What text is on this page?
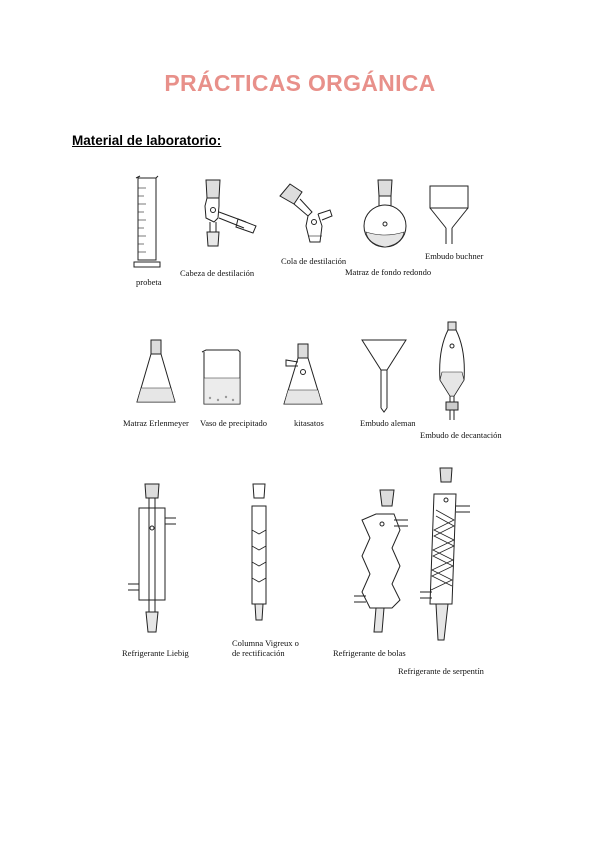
PRÁCTICAS ORGÁNICA
Material de laboratorio:
probeta
Cabeza de destilación
Cola de destilación
Matraz de fondo redondo
Embudo buchner
Matraz Erlenmeyer Vaso de precipitado	kitasatos	Embudo aleman
Embudo de decantación
Refrigerante Liebig
Columna Vigreux o
de rectificación	Refrigerante de bolas
Refrigerante de serpentín
